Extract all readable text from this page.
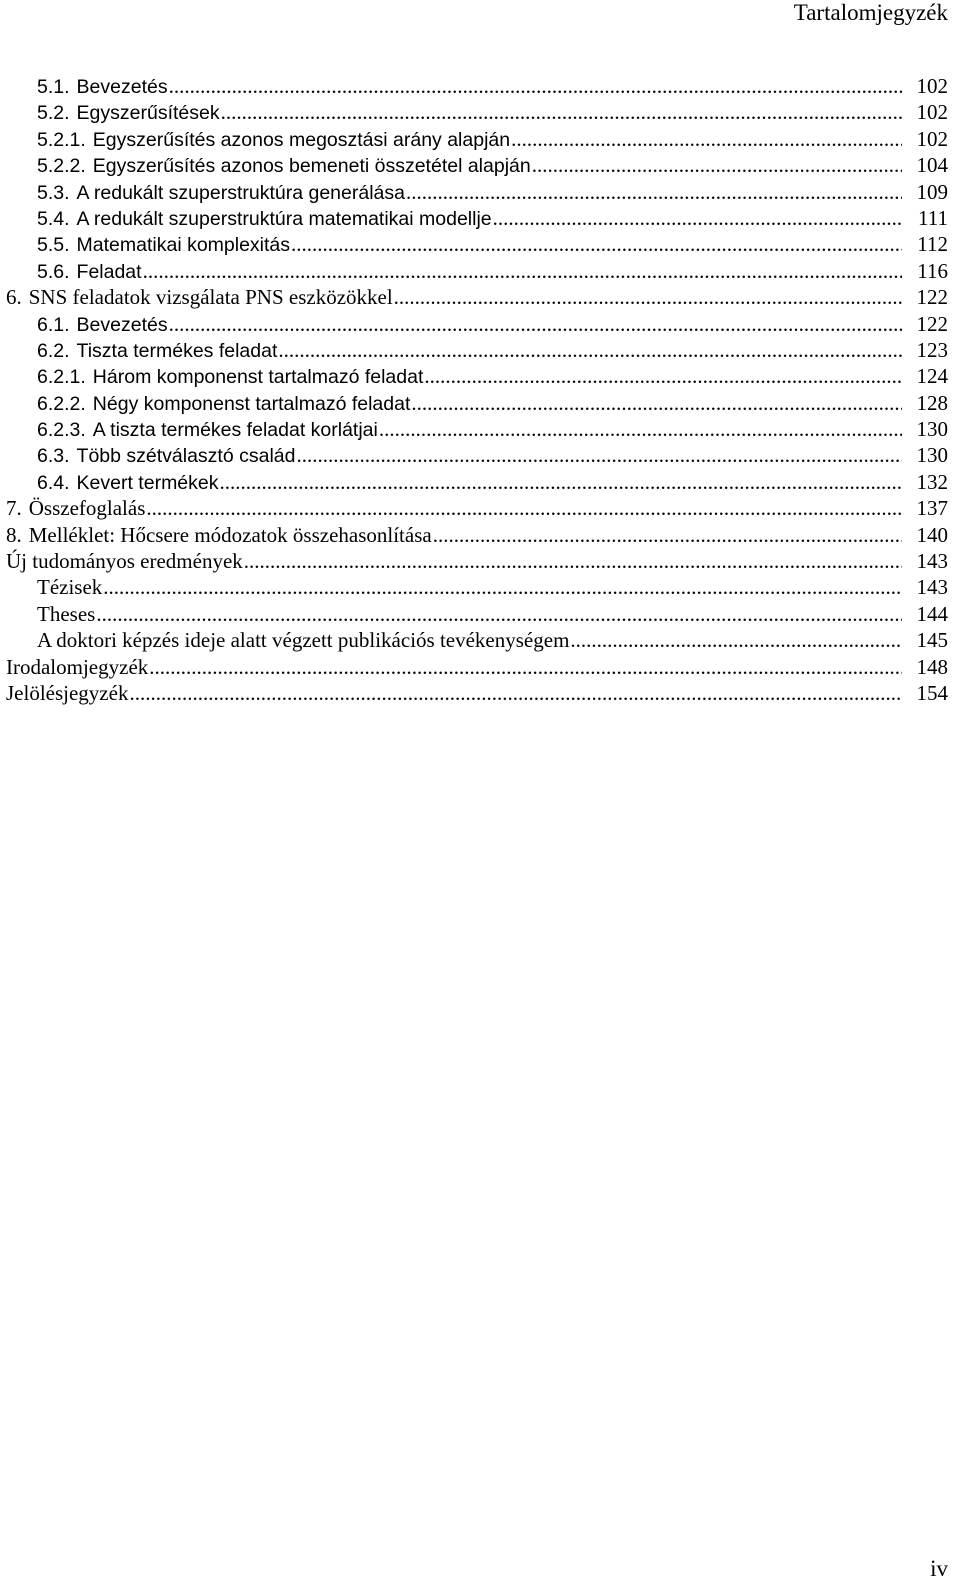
Tartalomjegyzék
5.1. Bevezetés .....	102
5.2. Egyszerűsítések .....	102
5.2.1. Egyszerűsítés azonos megosztási arány alapján .....	102
5.2.2. Egyszerűsítés azonos bemeneti összetétel alapján .....	104
5.3. A redukált szuperstruktúra generálása .....	109
5.4. A redukált szuperstruktúra matematikai modellje .....	111
5.5. Matematikai komplexitás .....	112
5.6. Feladat .....	116
6. SNS feladatok vizsgálata PNS eszközökkel .....	122
6.1. Bevezetés .....	122
6.2. Tiszta termékes feladat .....	123
6.2.1. Három komponenst tartalmazó feladat .....	124
6.2.2. Négy komponenst tartalmazó feladat .....	128
6.2.3. A tiszta termékes feladat korlátjai .....	130
6.3. Több szétválasztó család .....	130
6.4. Kevert termékek .....	132
7. Összefoglalás .....	137
8. Melléklet: Hőcsere módozatok összehasonlítása .....	140
Új tudományos eredmények .....	143
Tézisek .....	143
Theses .....	144
A doktori képzés ideje alatt végzett publikációs tevékenységem .....	145
Irodalomjegyzék .....	148
Jelölésjegyzék .....	154
iv
